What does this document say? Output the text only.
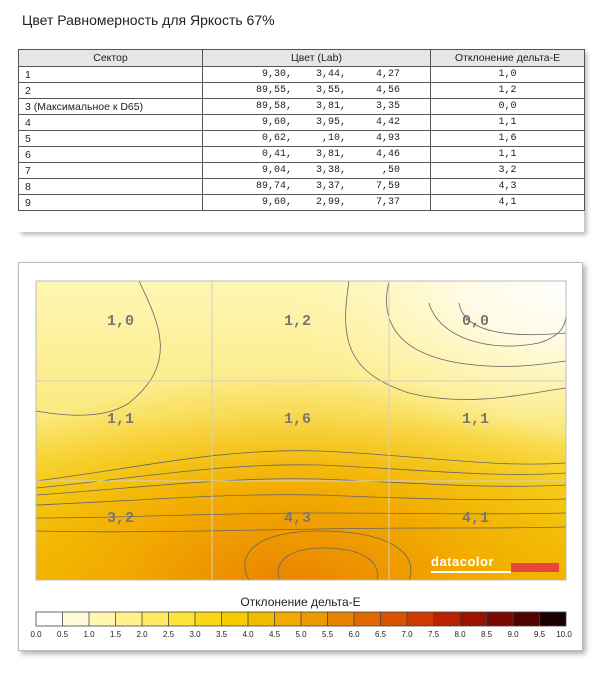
Цвет Равномерность для Яркость 67%
Сектор	Цвет (Lab)	Отклонение дельта-E
1	9,30, 3,44, 4,27	1,0
2	89,55, 3,55, 4,56	1,2
3 (Максимальное к D65)	89,58, 3,81, 3,35	0,0
4	9,60, 3,95, 4,42	1,1
5	0,62, ,10, 4,93	1,6
6	0,41, 3,81, 4,46	1,1
7	9,04, 3,38, ,50	3,2
8	89,74, 3,37, 7,59	4,3
9	9,60, 2,99, 7,37	4,1
1,0	1,2	0,0
1,1	1,6	1,1
3,2	4,3	4,1
datacolor
Отклонение дельта-E
0.0 0.5 1.0 1.5 2.0 2.5 3.0 3.5 4.0 4.5 5.0 5.5 6.0 6.5 7.0 7.5 8.0 8.5 9.0 9.5 10.0
